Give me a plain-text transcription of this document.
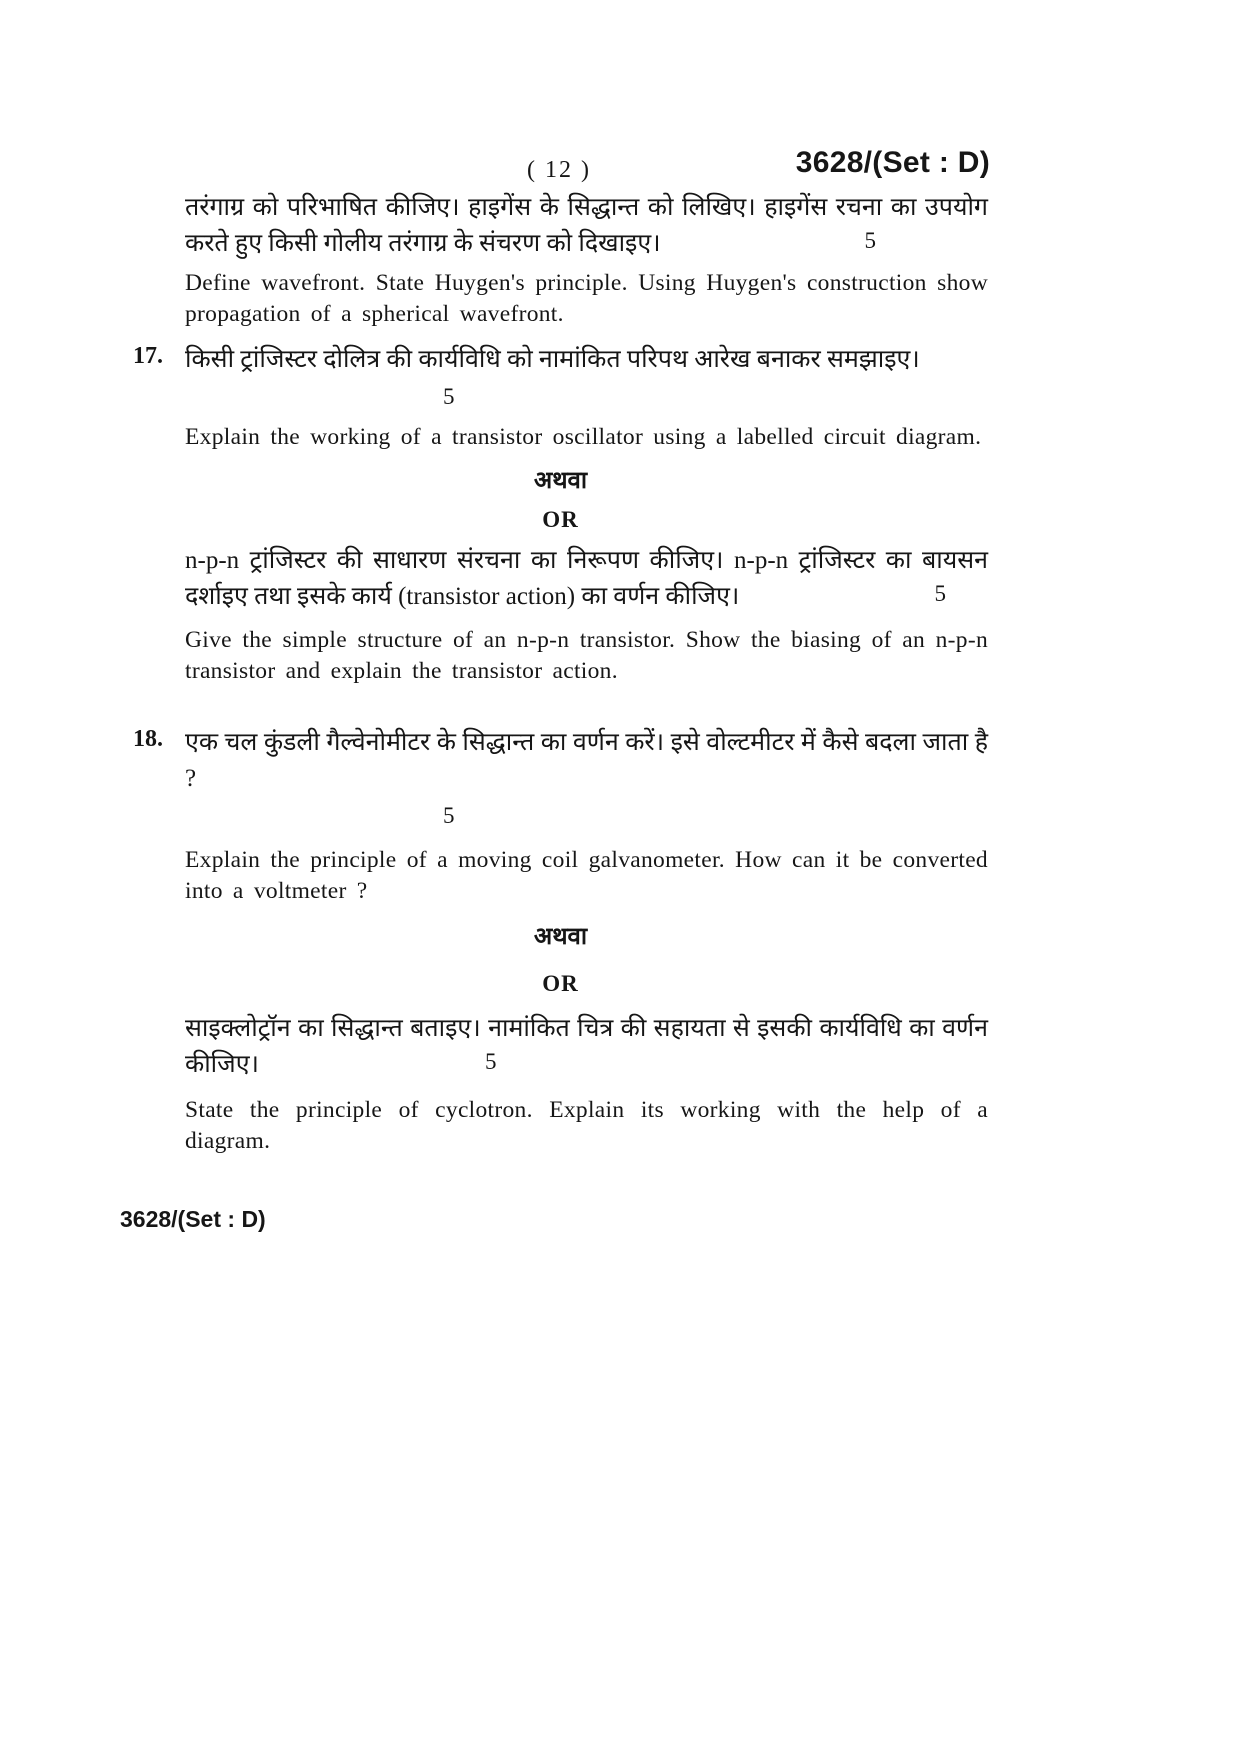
( 12 )	3628/(Set : D)

तरंगाग्र को परिभाषित कीजिए। हाइगेंस के सिद्धान्त को लिखिए। हाइगेंस रचना का उपयोग करते हुए किसी गोलीय तरंगाग्र के संचरण को दिखाइए।	5

Define wavefront. State Huygen's principle. Using Huygen's construction show propagation of a spherical wavefront.

17. किसी ट्रांजिस्टर दोलित्र की कार्यविधि को नामांकित परिपथ आरेख बनाकर समझाइए।

5

Explain the working of a transistor oscillator using a labelled circuit diagram.

अथवा

OR

n-p-n ट्रांजिस्टर की साधारण संरचना का निरूपण कीजिए। n-p-n ट्रांजिस्टर का बायसन दर्शाइए तथा इसके कार्य (transistor action) का वर्णन कीजिए।	5

Give the simple structure of an n-p-n transistor. Show the biasing of an n-p-n transistor and explain the transistor action.

18. एक चल कुंडली गैल्वेनोमीटर के सिद्धान्त का वर्णन करें। इसे वोल्टमीटर में कैसे बदला जाता है ?

5

Explain the principle of a moving coil galvanometer. How can it be converted into a voltmeter ?

अथवा

OR

साइक्लोट्रॉन का सिद्धान्त बताइए। नामांकित चित्र की सहायता से इसकी कार्यविधि का वर्णन कीजिए।	5

State the principle of cyclotron. Explain its working with the help of a diagram.

3628/(Set : D)
